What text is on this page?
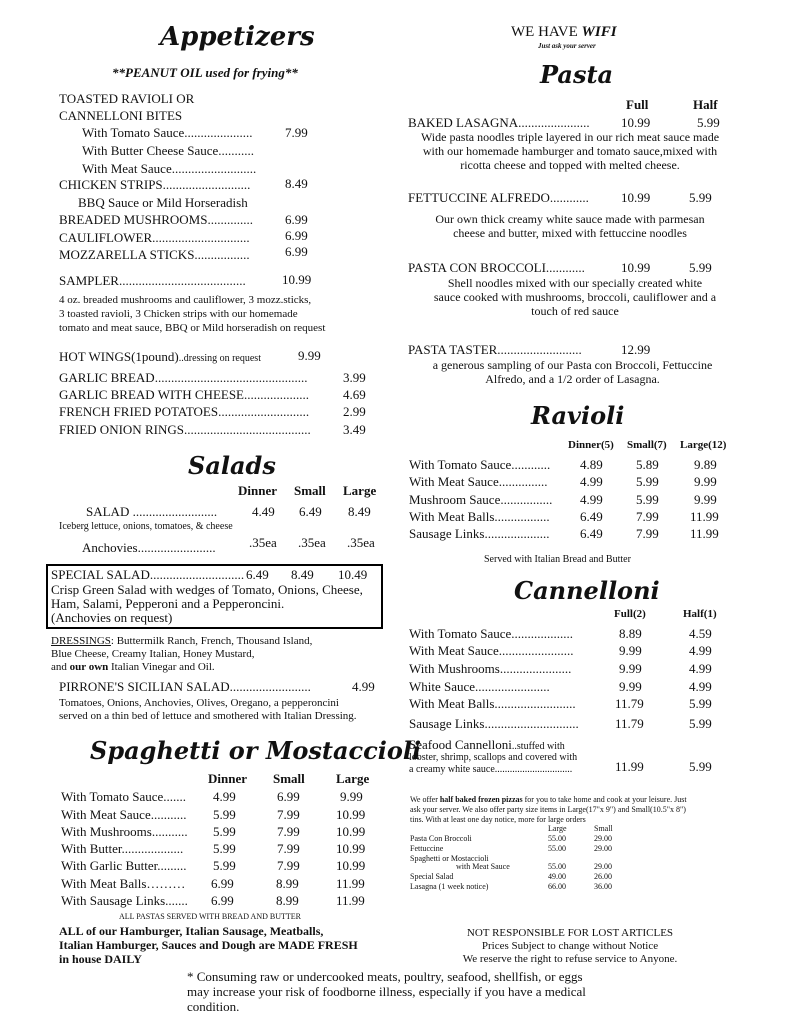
Appetizers
**PEANUT OIL used for frying**
TOASTED RAVIOLI OR
CANNELLONI BITES
With Tomato Sauce..................... 7.99
With Butter Cheese Sauce...........
With Meat Sauce..........................
CHICKEN STRIPS...........................	8.49
BBQ Sauce or Mild Horseradish
BREADED MUSHROOMS.............. 6.99
CAULIFLOWER..............................	6.99
MOZZARELLA STICKS.................	6.99
SAMPLER.......................................	10.99
4 oz. breaded mushrooms and cauliflower, 3 mozz.sticks,
3 toasted ravioli, 3 Chicken strips with our homemade
tomato and meat sauce, BBQ or Mild horseradish on request
HOT WINGS(1pound)..dressing on request	9.99
GARLIC BREAD...............................................	3.99
GARLIC BREAD WITH CHEESE....................	4.69
FRENCH FRIED POTATOES............................	2.99
FRIED ONION RINGS....................................... 3.49
Salads
Dinner Small Large
SALAD ..........................	4.49 6.49 8.49
Iceberg lettuce, onions, tomatoes, & cheese
Anchovies........................	.35ea .35ea .35ea
SPECIAL SALAD............................. 6.49 8.49 10.49
Crisp Green Salad with wedges of Tomato, Onions, Cheese,
Ham, Salami, Pepperoni and a Pepperoncini.
(Anchovies on request)
DRESSINGS: Buttermilk Ranch, French, Thousand Island,
Blue Cheese, Creamy Italian, Honey Mustard,
and our own Italian Vinegar and Oil.
PIRRONE'S SICILIAN SALAD.........................	4.99
Tomatoes, Onions, Anchovies, Olives, Oregano, a pepperoncini
served on a thin bed of lettuce and smothered with Italian Dressing.
Spaghetti or Mostaccioli
Dinner Small Large
With Tomato Sauce....... 4.99	6.99	9.99
With Meat Sauce........... 5.99	7.99	10.99
With Mushrooms........... 5.99	7.99	10.99
With Butter................... 5.99	7.99	10.99
With Garlic Butter......... 5.99	7.99	10.99
With Meat Balls……… 6.99	8.99	11.99
With Sausage Links....... 6.99	8.99	11.99
ALL PASTAS SERVED WITH BREAD AND BUTTER
ALL of our Hamburger, Italian Sausage, Meatballs,
Italian Hamburger, Sauces and Dough are MADE FRESH
in house DAILY
WE HAVE WIFI
Just ask your server
Pasta
Full	Half
BAKED LASAGNA...................... 10.99	5.99
Wide pasta noodles triple layered in our rich meat sauce made
with our homemade hamburger and tomato sauce,mixed with
ricotta cheese and topped with melted cheese.
FETTUCCINE ALFREDO............ 10.99	5.99
Our own thick creamy white sauce made with parmesan
cheese and butter, mixed with fettuccine noodles
PASTA CON BROCCOLI............	10.99	5.99
Shell noodles mixed with our specially created white
sauce cooked with mushrooms, broccoli, cauliflower and a
touch of red sauce
PASTA TASTER..........................	12.99
a generous sampling of our Pasta con Broccoli, Fettuccine
Alfredo, and a 1/2 order of Lasagna.
Ravioli
Dinner(5) Small(7) Large(12)
With Tomato Sauce............ 4.89	5.89	9.89
With Meat Sauce...............	4.99	5.99	9.99
Mushroom Sauce................ 4.99	5.99	9.99
With Meat Balls................. 6.49	7.99 11.99
Sausage Links.................... 6.49	7.99 11.99
Served with Italian Bread and Butter
Cannelloni
Full(2)	Half(1)
With Tomato Sauce...................	8.89	4.59
With Meat Sauce.......................	9.99	4.99
With Mushrooms......................	9.99	4.99
White Sauce.......................	9.99	4.99
With Meat Balls.........................	11.79	5.99
Sausage Links.............................	11.79	5.99
Seafood Cannelloni..stuffed with
lobster, shrimp, scallops and covered with
a creamy white sauce...............................	11.99	5.99
We offer half baked frozen pizzas for you to take home and cook at your leisure. Just
ask your server. We also offer party size items in Large(17"x 9") and Small(10.5"x 8")
tins. With at least one day notice, more for large orders
Large	Small
Pasta Con Broccoli	55.00	29.00
Fettuccine	55.00	29.00
Spaghetti or Mostaccioli
with Meat Sauce	55.00	29.00
Special Salad	49.00	26.00
Lasagna (1 week notice)	66.00	36.00
NOT RESPONSIBLE FOR LOST ARTICLES
Prices Subject to change without Notice
We reserve the right to refuse service to Anyone.
* Consuming raw or undercooked meats, poultry, seafood, shellfish, or eggs
may increase your risk of foodborne illness, especially if you have a medical
condition.
